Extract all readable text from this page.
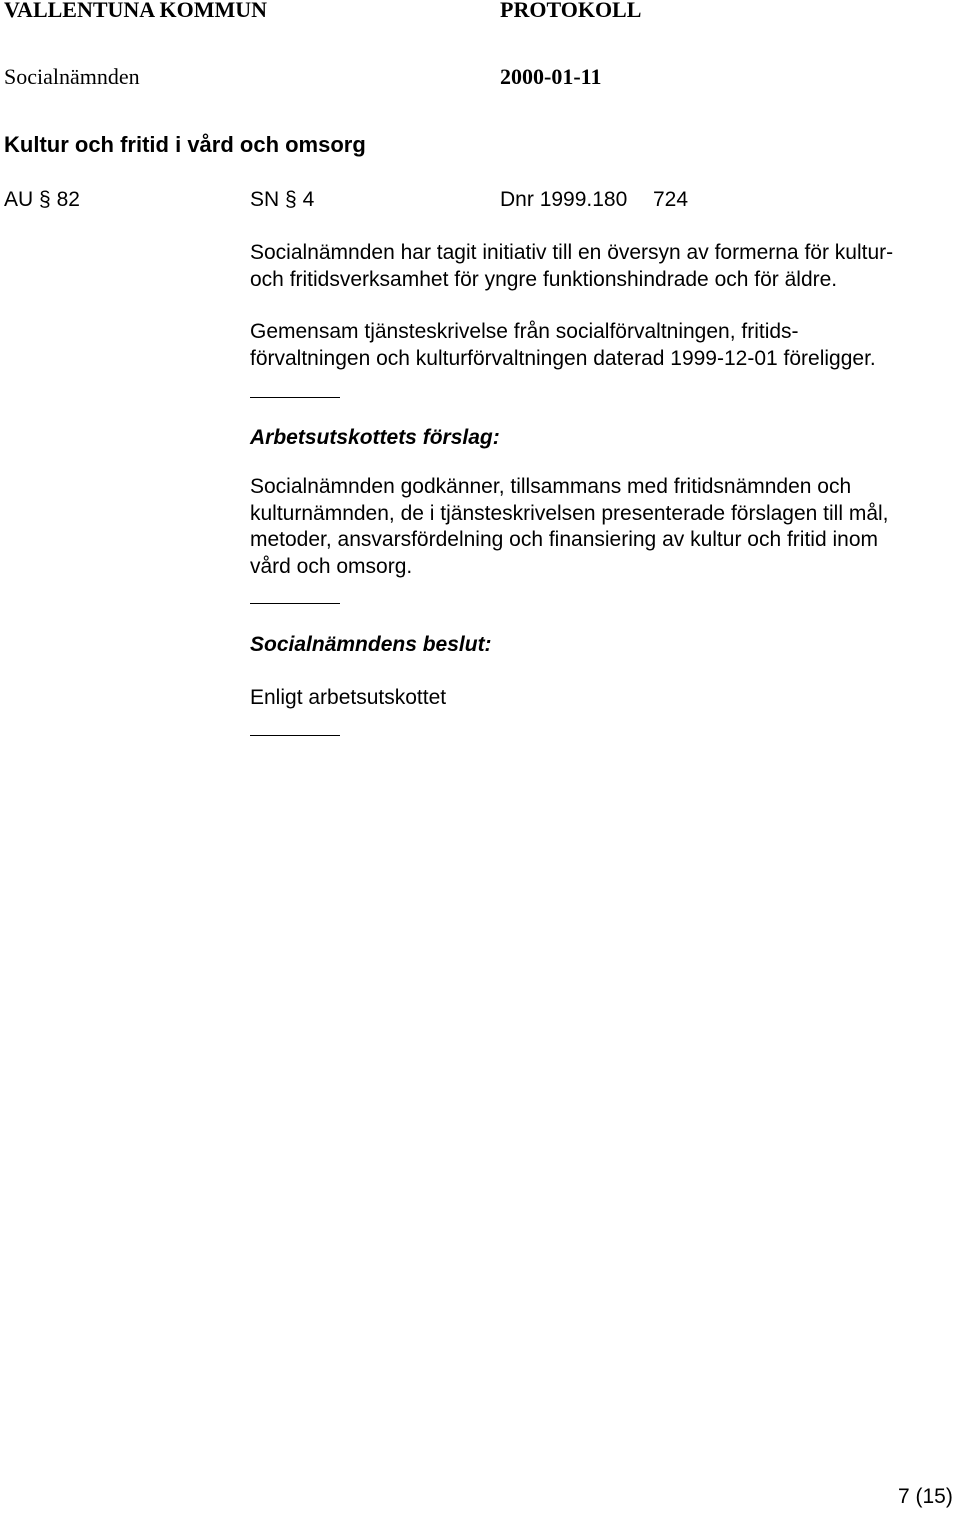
VALLENTUNA KOMMUN	PROTOKOLL
Socialnämnden	2000-01-11
Kultur och fritid i vård och omsorg
AU § 82	SN § 4	Dnr 1999.180 724
Socialnämnden har tagit initiativ till en översyn av formerna för kultur-
och fritidsverksamhet för yngre funktionshindrade och för äldre.
Gemensam tjänsteskrivelse från socialförvaltningen, fritids-
förvaltningen och kulturförvaltningen daterad 1999-12-01 föreligger.
Arbetsutskottets förslag:
Socialnämnden godkänner, tillsammans med fritidsnämnden och
kulturnämnden, de i tjänsteskrivelsen presenterade förslagen till mål,
metoder, ansvarsfördelning och finansiering av kultur och fritid inom
vård och omsorg.
Socialnämndens beslut:
Enligt arbetsutskottet
7 (15)
